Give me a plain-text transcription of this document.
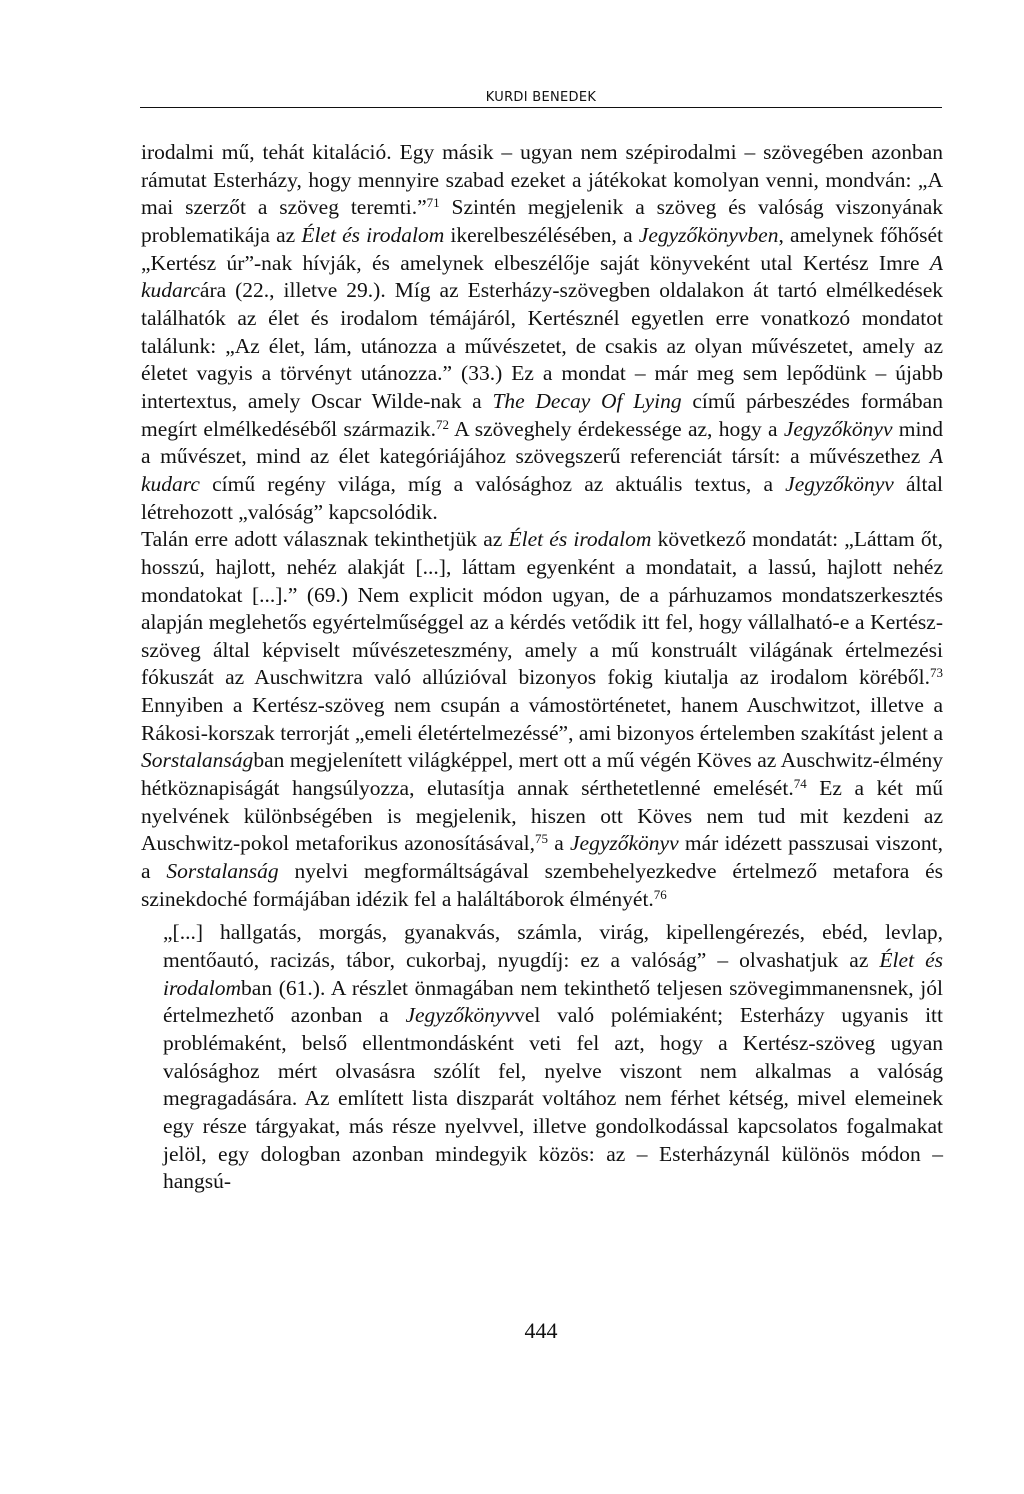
KURDI BENEDEK

irodalmi mű, tehát kitaláció. Egy másik – ugyan nem szépirodalmi – szövegében azonban rámutat Esterházy, hogy mennyire szabad ezeket a játékokat komolyan venni, mondván: „A mai szerzőt a szöveg teremti.”$^{71}$ Szintén megjelenik a szöveg és valóság viszonyának problematikája az Élet és irodalom ikerelbeszélésében, a Jegyzőkönyvben, amelynek főhősét „Kertész úr”-nak hívják, és amelynek elbeszélője saját könyveként utal Kertész Imre A kudarcára (22., illetve 29.). Míg az Esterházy-szövegben oldalakon át tartó elmélkedések találhatók az élet és irodalom témájáról, Kertésznél egyetlen erre vonatkozó mondatot találunk: „Az élet, lám, utánozza a művészetet, de csakis az olyan művészetet, amely az életet vagyis a törvényt utánozza.” (33.) Ez a mondat – már meg sem lepődünk – újabb intertextus, amely Oscar Wilde-nak a The Decay Of Lying című párbeszédes formában megírt elmélkedéséből származik.$^{72}$ A szöveghely érdekessége az, hogy a Jegyzőkönyv mind a művészet, mind az élet kategóriájához szövegszerű referenciát társít: a művészethez A kudarc című regény világa, míg a valósághoz az aktuális textus, a Jegyzőkönyv által létrehozott „valóság” kapcsolódik.

Talán erre adott válasznak tekinthetjük az Élet és irodalom következő mondatát: „Láttam őt, hosszú, hajlott, nehéz alakját [...], láttam egyenként a mondatait, a lassú, hajlott nehéz mondatokat [...].” (69.) Nem explicit módon ugyan, de a párhuzamos mondatszerkesztés alapján meglehetős egyértelműséggel az a kérdés vetődik itt fel, hogy vállalható-e a Kertész-szöveg által képviselt művészeteszmény, amely a mű konstruált világának értelmezési fókuszát az Auschwitzra való allúzióval bizonyos fokig kiutalja az irodalom köréből.$^{73}$ Ennyiben a Kertész-szöveg nem csupán a vámostörténetet, hanem Auschwitzot, illetve a Rákosi-korszak terrorját „emeli életértelmezéssé”, ami bizonyos értelemben szakítást jelent a Sorstalanságban megjelenített világképpel, mert ott a mű végén Köves az Auschwitz-élmény hétköznapiságát hangsúlyozza, elutasítja annak sérthetetlenné emelését.$^{74}$ Ez a két mű nyelvének különbségében is megjelenik, hiszen ott Köves nem tud mit kezdeni az Auschwitz-pokol metaforikus azonosításával,$^{75}$ a Jegyzőkönyv már idézett passzusai viszont, a Sorstalanság nyelvi megformáltságával szembehelyezkedve értelmező metafora és szinekdoché formájában idézik fel a haláltáborok élményét.$^{76}$

„[...] hallgatás, morgás, gyanakvás, számla, virág, kipellengérezés, ebéd, levlap, mentőautó, racizás, tábor, cukorbaj, nyugdíj: ez a valóság” – olvashatjuk az Élet és irodalomban (61.). A részlet önmagában nem tekinthető teljesen szövegimmanensnek, jól értelmezhető azonban a Jegyzőkönyvvel való polémiaként; Esterházy ugyanis itt problémaként, belső ellentmondásként veti fel azt, hogy a Kertész-szöveg ugyan valósághoz mért olvasásra szólít fel, nyelve viszont nem alkalmas a valóság megragadására. Az említett lista diszparát voltához nem férhet kétség, mivel elemeinek egy része tárgyakat, más része nyelvvel, illetve gondolkodással kapcsolatos fogalmakat jelöl, egy dologban azonban mindegyik közös: az – Esterházynál különös módon – hangsú-

444
